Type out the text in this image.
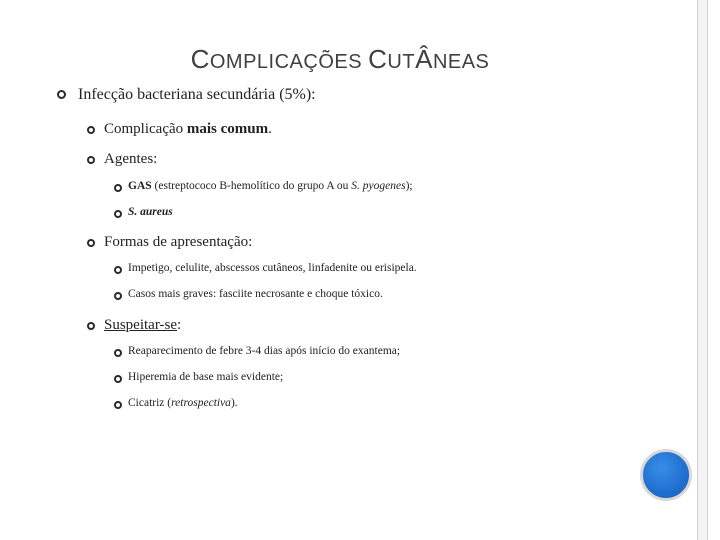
COMPLICAÇÕES CUTÂNEAS
Infecção bacteriana secundária (5%):
Complicação mais comum.
Agentes:
GAS (estreptococo Β-hemolítico do grupo A ou S. pyogenes);
S. aureus
Formas de apresentação:
Impetigo, celulite, abscessos cutâneos, linfadenite ou erisipela.
Casos mais graves: fasciite necrosante e choque tóxico.
Suspeitar-se:
Reaparecimento de febre 3-4 dias após início do exantema;
Hiperemia de base mais evidente;
Cicatriz (retrospectiva).
